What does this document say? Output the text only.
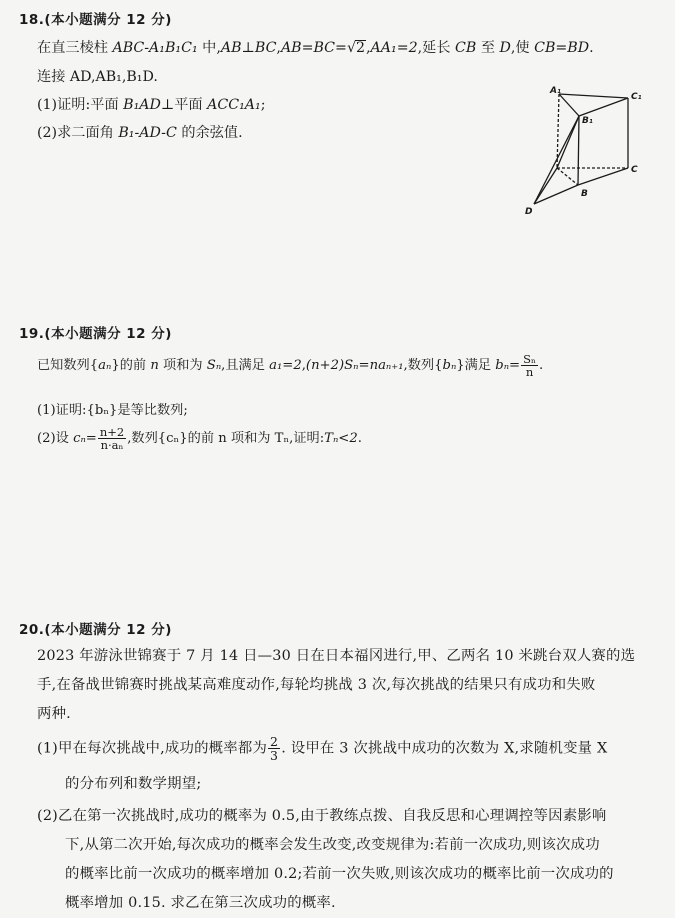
18.(本小题满分 12 分)
在直三棱柱 ABC-A₁B₁C₁ 中,AB⊥BC,AB=BC=√2,AA₁=2,延长 CB 至 D,使 CB=BD.
连接 AD,AB₁,B₁D.
(1)证明:平面 B₁AD⊥平面 ACC₁A₁;
(2)求二面角 B₁-AD-C 的余弦值.
A₁
C₁
B₁
C
B
D
19.(本小题满分 12 分)
已知数列{aₙ}的前 n 项和为 Sₙ,且满足 a₁=2,(n+2)Sₙ=naₙ₊₁,数列{bₙ}满足 $b_n= \frac{\text{Sₙ}}{n}$ .
(1)证明:{bₙ}是等比数列;
(2)设 $c_n= \frac{n+2}{\text{n·aₙ}}$ ,数列{cₙ}的前 n 项和为 Tₙ,证明:Tₙ<2.
20.(本小题满分 12 分)
2023 年游泳世锦赛于 7 月 14 日—30 日在日本福冈进行,甲、乙两名 10 米跳台双人赛的选
手,在备战世锦赛时挑战某高难度动作,每轮均挑战 3 次,每次挑战的结果只有成功和失败
两种.
(1)甲在每次挑战中,成功的概率都为 $\frac{2}{3}$ . 设甲在 3 次挑战中成功的次数为 X,求随机变量 X
的分布列和数学期望;
(2)乙在第一次挑战时,成功的概率为 0.5,由于教练点拨、自我反思和心理调控等因素影响
下,从第二次开始,每次成功的概率会发生改变,改变规律为:若前一次成功,则该次成功
的概率比前一次成功的概率增加 0.2;若前一次失败,则该次成功的概率比前一次成功的
概率增加 0.15. 求乙在第三次成功的概率.
